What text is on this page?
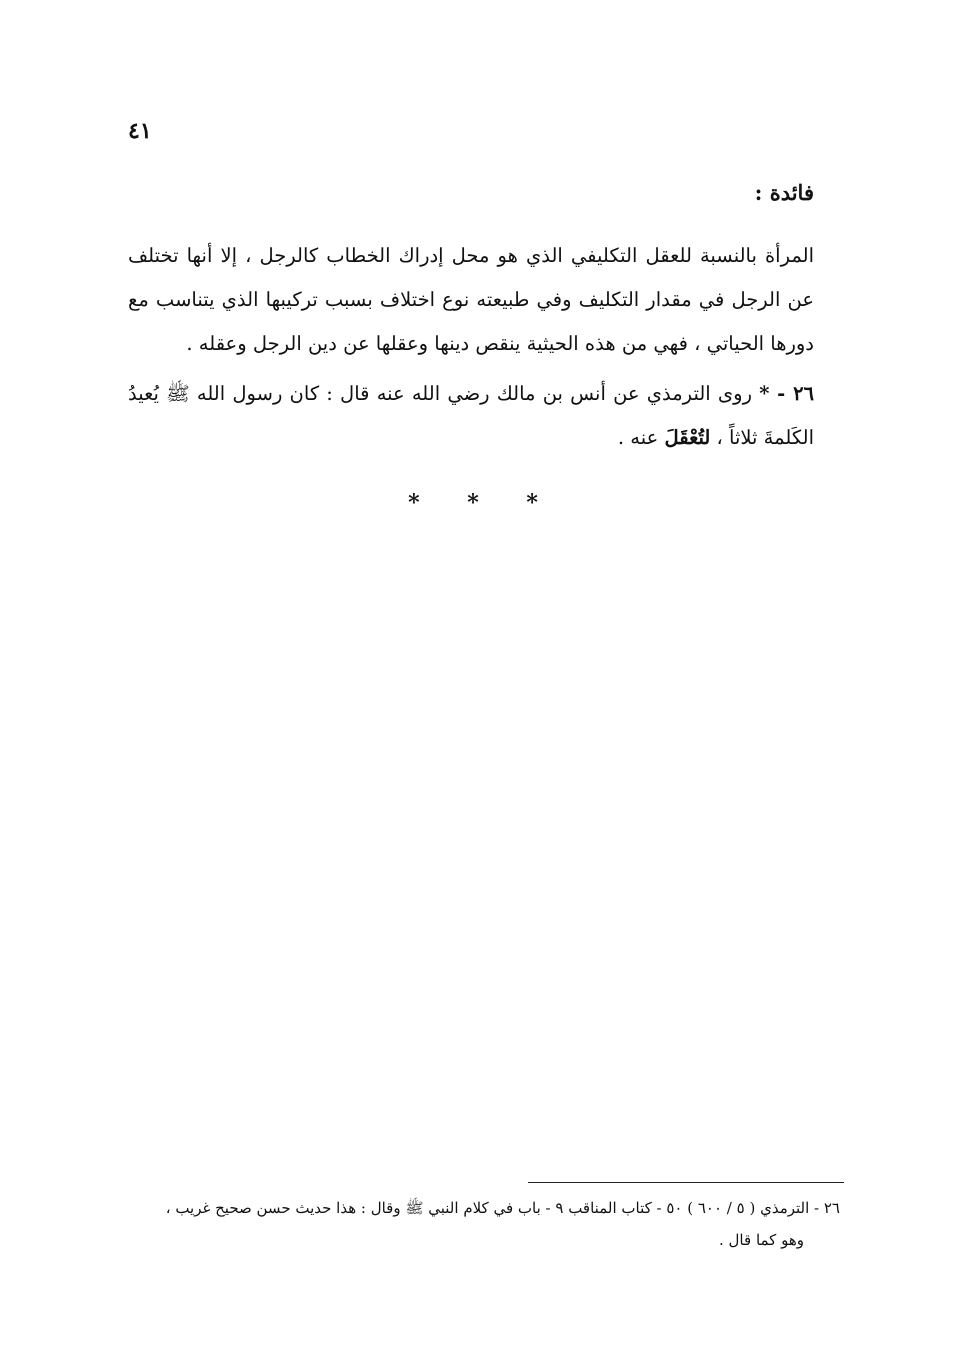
٤١
فائدة :

المرأة بالنسبة للعقل التكليفي الذي هو محل إدراك الخطاب كالرجل ، إلا أنها تختلف عن الرجل في مقدار التكليف وفي طبيعته نوع اختلاف بسبب تركيبها الذي يتناسب مع دورها الحياتي ، فهي من هذه الحيثية ينقص دينها وعقلها عن دين الرجل وعقله .

٢٦ - * روى الترمذي عن أنس بن مالك رضي الله عنه قال : كان رسول الله ﷺ يُعيدُ الكَلمةَ ثلاثاً ، لتُعْقَلَ عنه .

* * *

٢٦ - الترمذي ( ٥ / ٦٠٠ ) ٥٠ - كتاب المناقب ٩ - باب في كلام النبي ﷺ وقال : هذا حديث حسن صحيح غريب ،

وهو كما قال .
